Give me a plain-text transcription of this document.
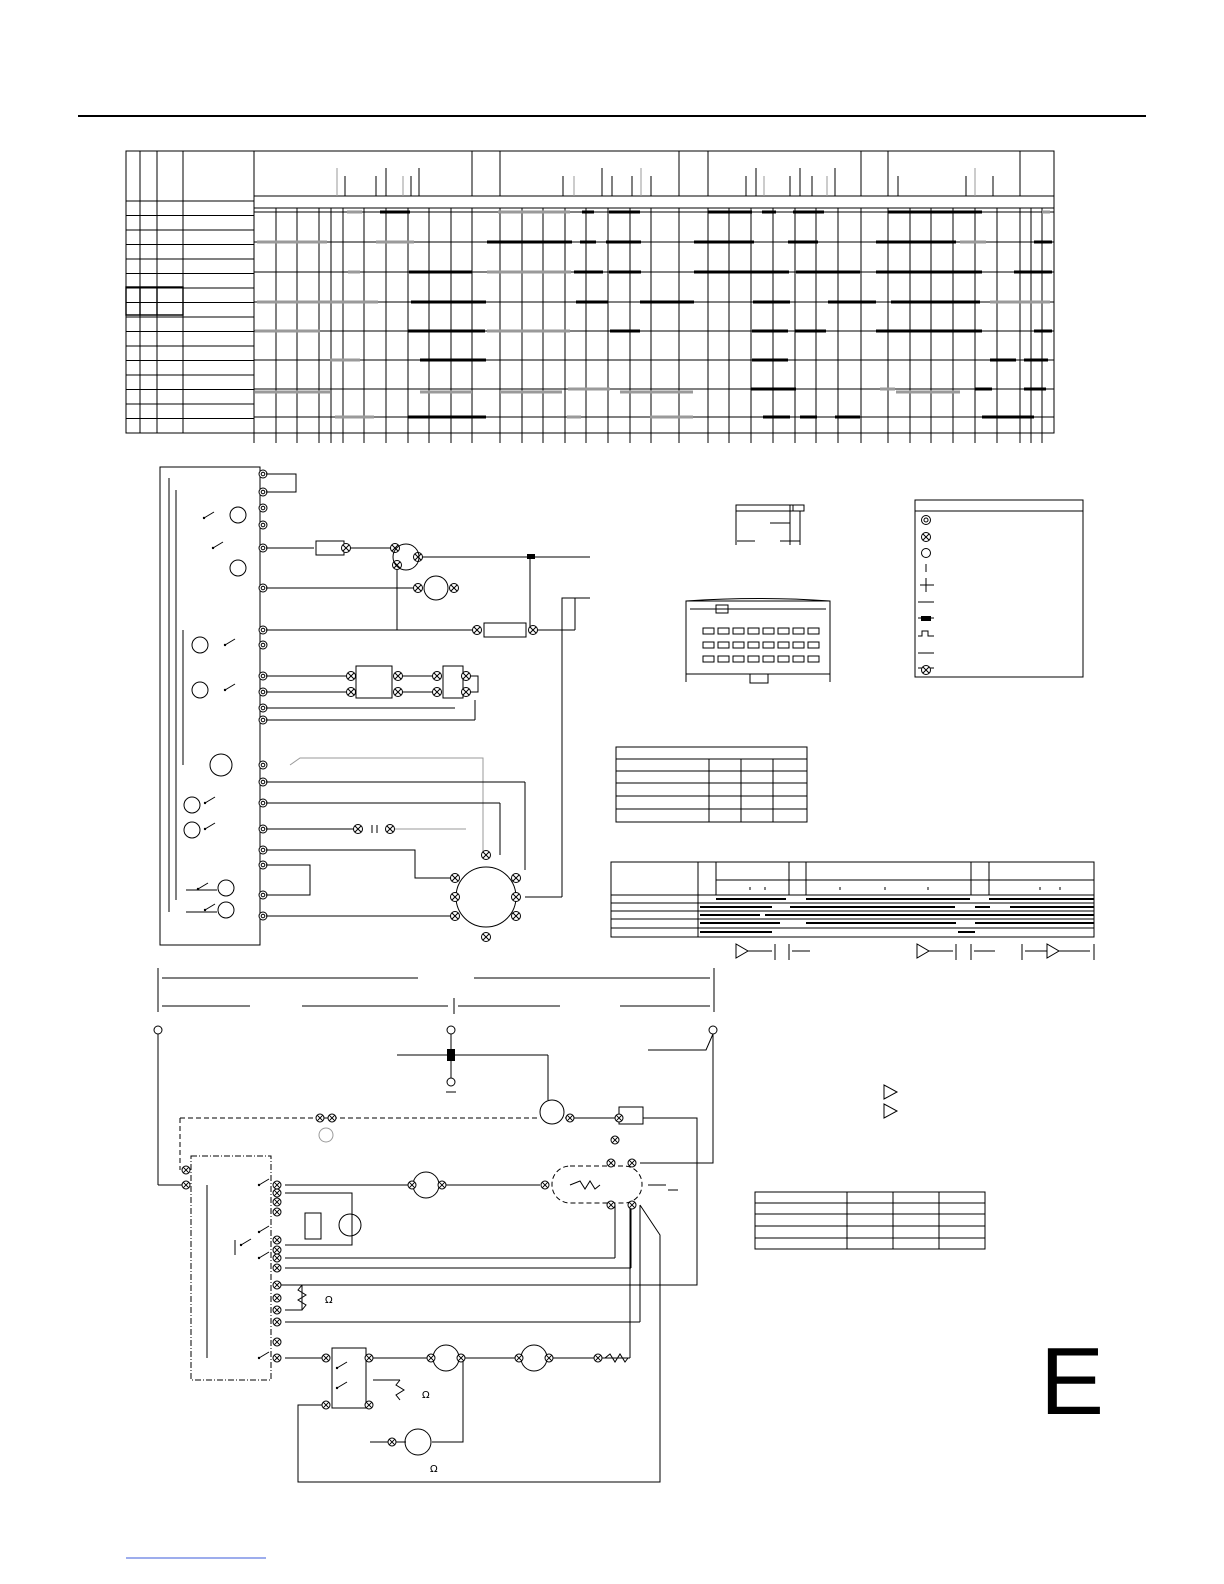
Ω
Ω
Ω
E
